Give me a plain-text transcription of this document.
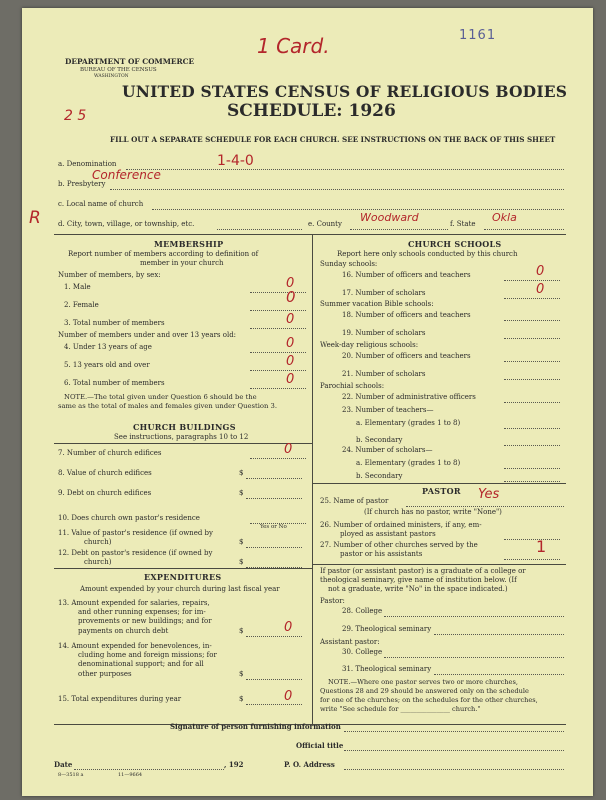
DEPARTMENT OF COMMERCE
BUREAU OF THE CENSUS
WASHINGTON
1 Card.	1161
UNITED STATES CENSUS OF RELIGIOUS BODIES
SCHEDULE: 1926
2 5
FILL OUT A SEPARATE SCHEDULE FOR EACH CHURCH. SEE INSTRUCTIONS ON THE BACK OF THIS SHEET
a. Denomination	1-4-0
b. Presbytery
Conference
c. Local name of church
R d. City, town, village, or township, etc.	e. County Woodward	f. State Okla
MEMBERSHIP
Report number of members according to definition of
member in your church
Number of members, by sex:
1. Male	0
2. Female	0
3. Total number of members	0
Number of members under and over 13 years old:
4. Under 13 years of age	0
5. 13 years old and over	0
6. Total number of members	0
NOTE.—The total given under Question 6 should be the
same as the total of males and females given under Question 3.
CHURCH BUILDINGS
See instructions, paragraphs 10 to 12
7. Number of church edifices	0
8. Value of church edifices	$
9. Debt on church edifices	$
10. Does church own pastor's residence
Yes or No
11. Value of pastor's residence (if owned by
church)	$
12. Debt on pastor's residence (if owned by
church)	$
EXPENDITURES
Amount expended by your church during last fiscal year
13. Amount expended for salaries, repairs,
and other running expenses; for im-
provements or new buildings; and for
payments on church debt	$	0
14. Amount expended for benevolences, in-
cluding home and foreign missions; for
denominational support; and for all
other purposes	$
15. Total expenditures during year	$	0
CHURCH SCHOOLS
Report here only schools conducted by this church
Sunday schools:
16. Number of officers and teachers	0
17. Number of scholars	0
Summer vacation Bible schools:
18. Number of officers and teachers
19. Number of scholars
Week-day religious schools:
20. Number of officers and teachers
21. Number of scholars
Parochial schools:
22. Number of administrative officers
23. Number of teachers—
a. Elementary (grades 1 to 8)
b. Secondary
24. Number of scholars—
a. Elementary (grades 1 to 8)
b. Secondary
PASTOR
25. Name of pastor	Yes
(If church has no pastor, write "None")
26. Number of ordained ministers, if any, em-
ployed as assistant pastors
27. Number of other churches served by the
pastor or his assistants	1
If pastor (or assistant pastor) is a graduate of a college or
theological seminary, give name of institution below. (If
not a graduate, write "No" in the space indicated.)
Pastor:
28. College
29. Theological seminary
Assistant pastor:
30. College
31. Theological seminary
NOTE.—Where one pastor serves two or more churches,
Questions 28 and 29 should be answered only on the schedule
for one of the churches; on the schedules for the other churches,
write "See schedule for _______________ church."
Signature of person furnishing information
Official title
Date	, 192	P. O. Address
8—3518 a	11—9664
